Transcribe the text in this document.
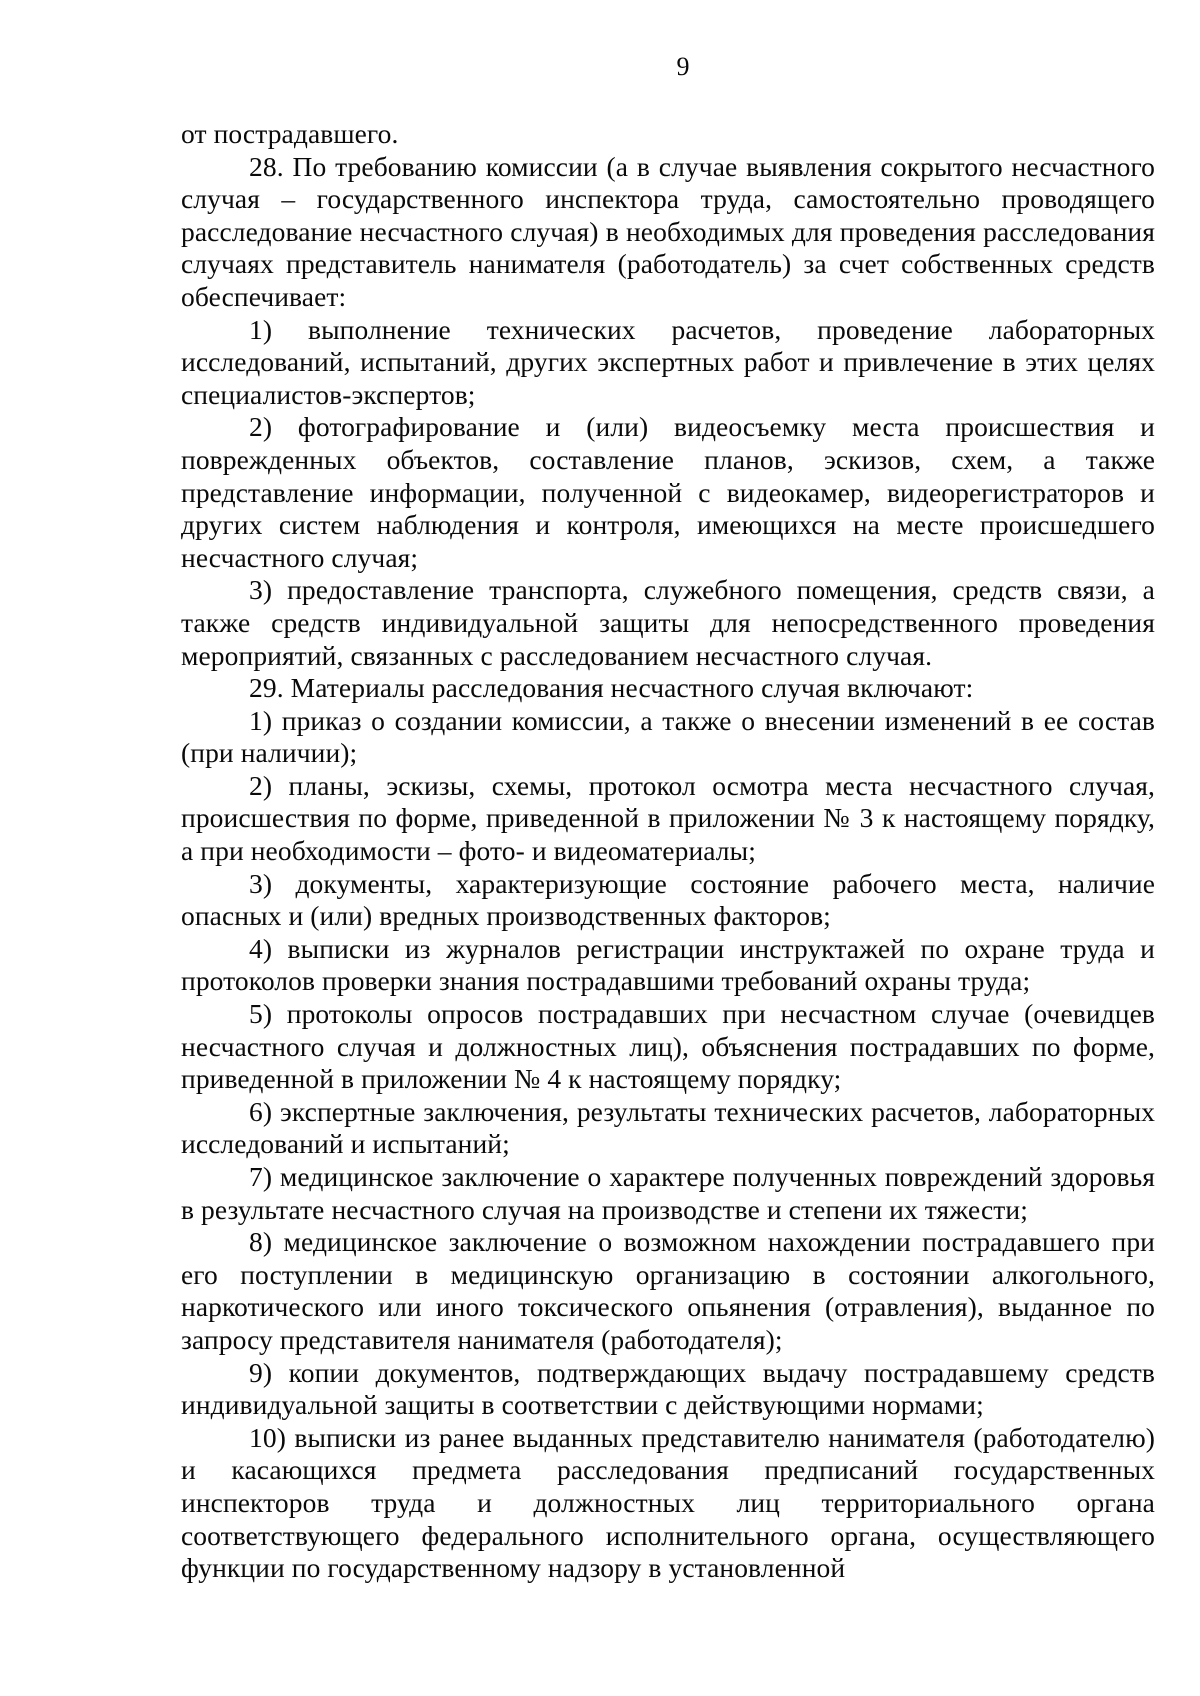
9

от пострадавшего.

28. По требованию комиссии (а в случае выявления сокрытого несчастного случая – государственного инспектора труда, самостоятельно проводящего расследование несчастного случая) в необходимых для проведения расследования случаях представитель нанимателя (работодатель) за счет собственных средств обеспечивает:

1) выполнение технических расчетов, проведение лабораторных исследований, испытаний, других экспертных работ и привлечение в этих целях специалистов-экспертов;

2) фотографирование и (или) видеосъемку места происшествия и поврежденных объектов, составление планов, эскизов, схем, а также представление информации, полученной с видеокамер, видеорегистраторов и других систем наблюдения и контроля, имеющихся на месте происшедшего несчастного случая;

3) предоставление транспорта, служебного помещения, средств связи, а также средств индивидуальной защиты для непосредственного проведения мероприятий, связанных с расследованием несчастного случая.

29. Материалы расследования несчастного случая включают:

1) приказ о создании комиссии, а также о внесении изменений в ее состав (при наличии);

2) планы, эскизы, схемы, протокол осмотра места несчастного случая, происшествия по форме, приведенной в приложении № 3 к настоящему порядку, а при необходимости – фото- и видеоматериалы;

3) документы, характеризующие состояние рабочего места, наличие опасных и (или) вредных производственных факторов;

4) выписки из журналов регистрации инструктажей по охране труда и протоколов проверки знания пострадавшими требований охраны труда;

5) протоколы опросов пострадавших при несчастном случае (очевидцев несчастного случая и должностных лиц), объяснения пострадавших по форме, приведенной в приложении № 4 к настоящему порядку;

6) экспертные заключения, результаты технических расчетов, лабораторных исследований и испытаний;

7) медицинское заключение о характере полученных повреждений здоровья в результате несчастного случая на производстве и степени их тяжести;

8) медицинское заключение о возможном нахождении пострадавшего при его поступлении в медицинскую организацию в состоянии алкогольного, наркотического или иного токсического опьянения (отравления), выданное по запросу представителя нанимателя (работодателя);

9) копии документов, подтверждающих выдачу пострадавшему средств индивидуальной защиты в соответствии с действующими нормами;

10) выписки из ранее выданных представителю нанимателя (работодателю) и касающихся предмета расследования предписаний государственных инспекторов труда и должностных лиц территориального органа соответствующего федерального исполнительного органа, осуществляющего функции по государственному надзору в установленной
